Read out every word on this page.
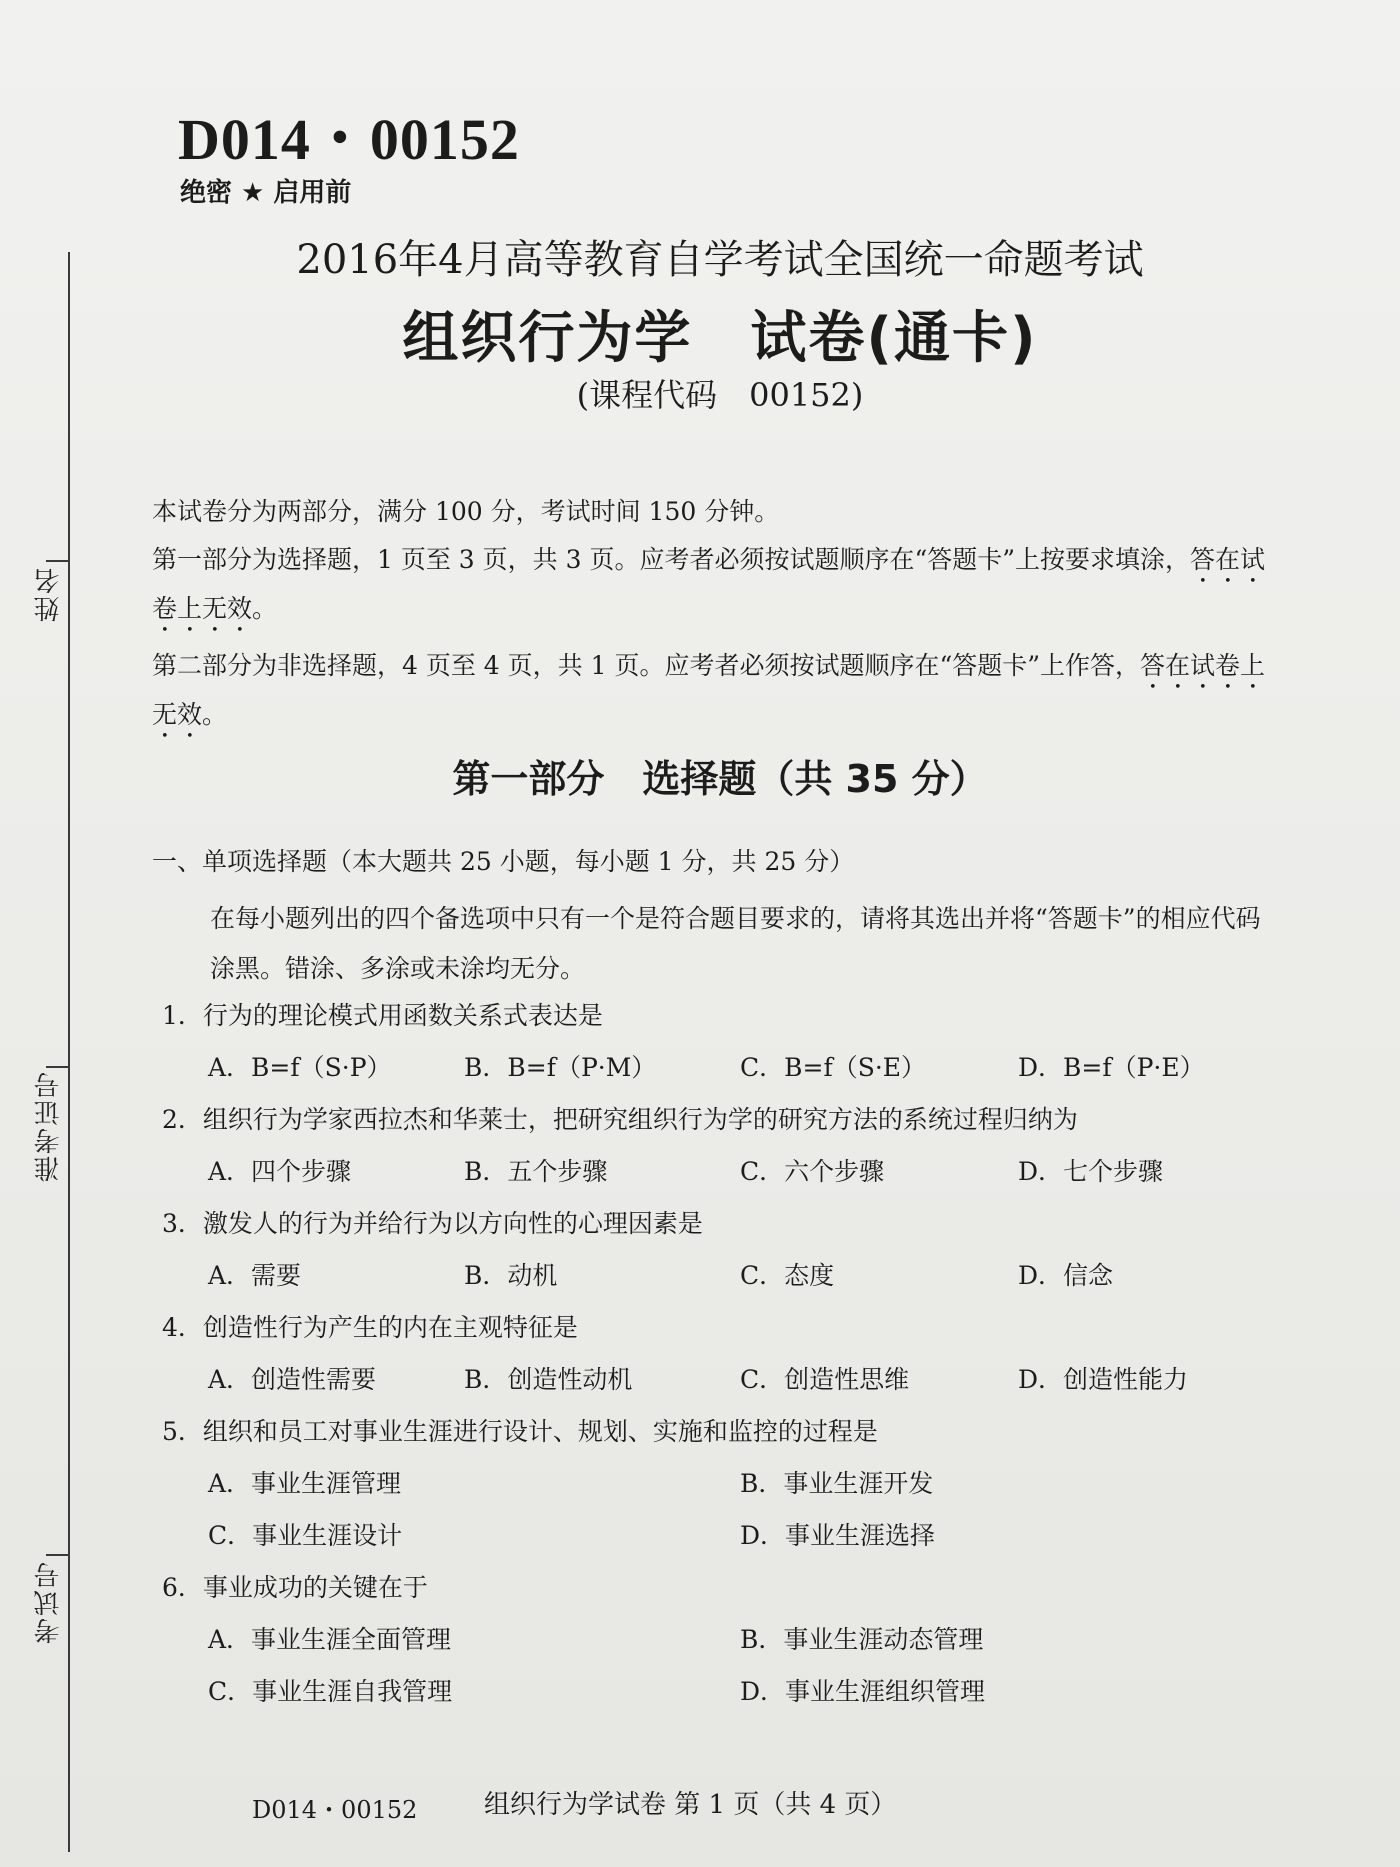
姓名
准考证号
考试号
D014・00152
绝密 ★ 启用前
2016年4月高等教育自学考试全国统一命题考试
组织行为学　试卷(通卡)
(课程代码　00152)

本试卷分为两部分，满分 100 分，考试时间 150 分钟。

第一部分为选择题，1 页至 3 页，共 3 页。应考者必须按试题顺序在“答题卡”上按要求填涂，答在试卷上无效。

第二部分为非选择题，4 页至 4 页，共 1 页。应考者必须按试题顺序在“答题卡”上作答，答在试卷上无效。

第一部分　选择题（共 35 分）
一、单项选择题（本大题共 25 小题，每小题 1 分，共 25 分）
在每小题列出的四个备选项中只有一个是符合题目要求的，请将其选出并将“答题卡”的相应代码涂黑。错涂、多涂或未涂均无分。
1．行为的理论模式用函数关系式表达是
A．B=f（S·P）	B．B=f（P·M）	C．B=f（S·E）	D．B=f（P·E）
2．组织行为学家西拉杰和华莱士，把研究组织行为学的研究方法的系统过程归纳为
A．四个步骤	B．五个步骤	C．六个步骤	D．七个步骤
3．激发人的行为并给行为以方向性的心理因素是
A．需要	B．动机	C．态度	D．信念
4．创造性行为产生的内在主观特征是
A．创造性需要	B．创造性动机	C．创造性思维	D．创造性能力
5．组织和员工对事业生涯进行设计、规划、实施和监控的过程是
A．事业生涯管理	B．事业生涯开发
C．事业生涯设计	D．事业生涯选择
6．事业成功的关键在于
A．事业生涯全面管理	B．事业生涯动态管理
C．事业生涯自我管理	D．事业生涯组织管理
D014・00152	组织行为学试卷 第 1 页（共 4 页）
